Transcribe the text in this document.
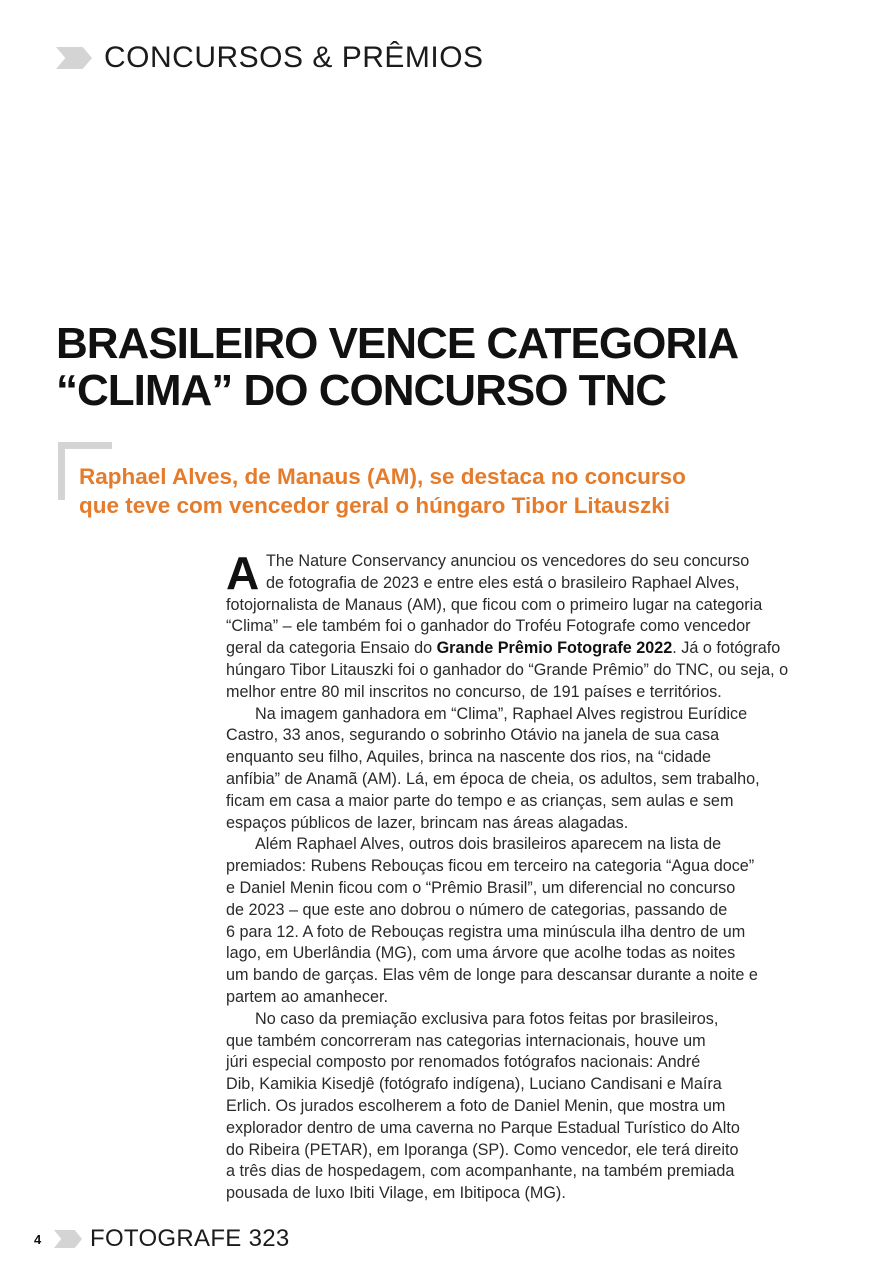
CONCURSOS & PRÊMIOS
BRASILEIRO VENCE CATEGORIA
“CLIMA” DO CONCURSO TNC
Raphael Alves, de Manaus (AM), se destaca no concurso
que teve com vencedor geral o húngaro Tibor Litauszki
A The Nature Conservancy anunciou os vencedores do seu concurso
de fotografia de 2023 e entre eles está o brasileiro Raphael Alves,
fotojornalista de Manaus (AM), que ficou com o primeiro lugar na categoria
“Clima” – ele também foi o ganhador do Troféu Fotografe como vencedor
geral da categoria Ensaio do Grande Prêmio Fotografe 2022. Já o fotógrafo
húngaro Tibor Litauszki foi o ganhador do “Grande Prêmio” do TNC, ou seja, o
melhor entre 80 mil inscritos no concurso, de 191 países e territórios.
Na imagem ganhadora em “Clima”, Raphael Alves registrou Eurídice
Castro, 33 anos, segurando o sobrinho Otávio na janela de sua casa
enquanto seu filho, Aquiles, brinca na nascente dos rios, na “cidade
anfíbia” de Anamã (AM). Lá, em época de cheia, os adultos, sem trabalho,
ficam em casa a maior parte do tempo e as crianças, sem aulas e sem
espaços públicos de lazer, brincam nas áreas alagadas.
Além Raphael Alves, outros dois brasileiros aparecem na lista de
premiados: Rubens Rebouças ficou em terceiro na categoria “Agua doce”
e Daniel Menin ficou com o “Prêmio Brasil”, um diferencial no concurso
de 2023 – que este ano dobrou o número de categorias, passando de
6 para 12. A foto de Rebouças registra uma minúscula ilha dentro de um
lago, em Uberlândia (MG), com uma árvore que acolhe todas as noites
um bando de garças. Elas vêm de longe para descansar durante a noite e
partem ao amanhecer.
No caso da premiação exclusiva para fotos feitas por brasileiros,
que também concorreram nas categorias internacionais, houve um
júri especial composto por renomados fotógrafos nacionais: André
Dib, Kamikia Kisedjê (fotógrafo indígena), Luciano Candisani e Maíra
Erlich. Os jurados escolherem a foto de Daniel Menin, que mostra um
explorador dentro de uma caverna no Parque Estadual Turístico do Alto
do Ribeira (PETAR), em Iporanga (SP). Como vencedor, ele terá direito
a três dias de hospedagem, com acompanhante, na também premiada
pousada de luxo Ibiti Vilage, em Ibitipoca (MG).
4	FOTOGRAFE 323
